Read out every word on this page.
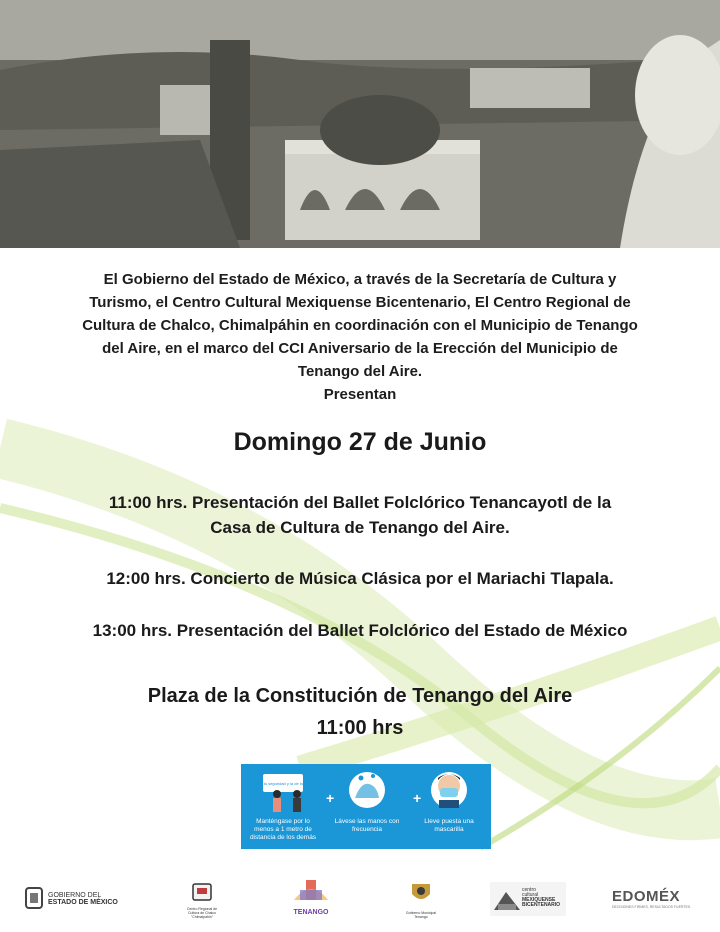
El Gobierno del Estado de México, a través de la Secretaría de Cultura y
Turismo, el Centro Cultural Mexiquense Bicentenario, El Centro Regional de
Cultura de Chalco, Chimalpáhin en coordinación con el Municipio de Tenango
del Aire, en el marco del CCI Aniversario de la Erección del Municipio de
Tenango del Aire.
Presentan
Domingo 27 de Junio
11:00 hrs. Presentación del Ballet Folclórico Tenancayotl de la
Casa de Cultura de Tenango del Aire.
12:00 hrs. Concierto de Música Clásica por el Mariachi Tlapala.
13:00 hrs. Presentación del Ballet Folclórico del Estado de México
Plaza de la Constitución de Tenango del Aire
11:00 hrs
Por tu seguridad y la de todos
Manténgase por lo menos a 1 metro de distancia de los demás
+
Lávese las manos con frecuencia
+
Lleve puesta una mascarilla
GOBIERNO DEL
ESTADO DE MÉXICO
Centro Regional de Cultura de Chalco "Chimalpáhin"
TENANGO	Gobierno Municipal Tenango
centro
cultural
MEXIQUENSE
BICENTENARIO	EDOMÉX
DECISIONES FIRMES, RESULTADOS FUERTES
